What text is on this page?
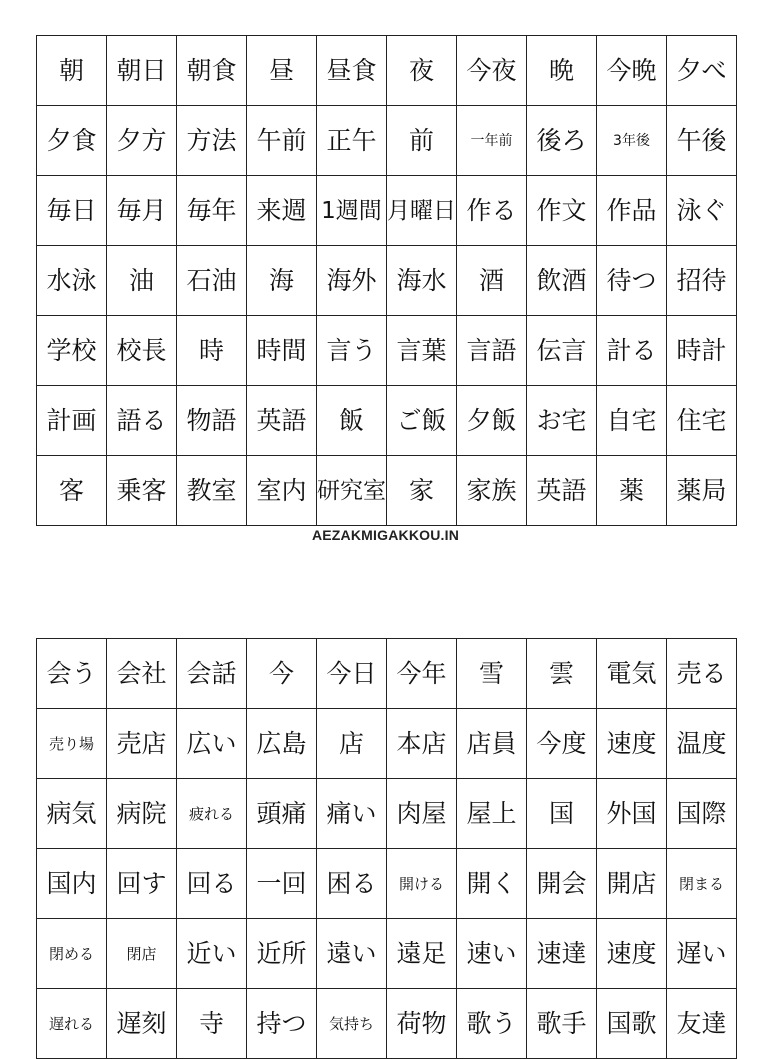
朝	朝日	朝食	昼	昼食	夜	今夜	晩	今晩	夕べ
夕食	夕方	方法	午前	正午	前	一年前	後ろ	3年後	午後
毎日	毎月	毎年	来週	1週間	月曜日	作る	作文	作品	泳ぐ
水泳	油	石油	海	海外	海水	酒	飲酒	待つ	招待
学校	校長	時	時間	言う	言葉	言語	伝言	計る	時計
計画	語る	物語	英語	飯	ご飯	夕飯	お宅	自宅	住宅
客	乗客	教室	室内	研究室	家	家族	英語	薬	薬局
AEZAKMIGAKKOU.IN
会う	会社	会話	今	今日	今年	雪	雲	電気	売る
売り場	売店	広い	広島	店	本店	店員	今度	速度	温度
病気	病院	疲れる	頭痛	痛い	肉屋	屋上	国	外国	国際
国内	回す	回る	一回	困る	開ける	開く	開会	開店	閉まる
閉める	閉店	近い	近所	遠い	遠足	速い	速達	速度	遅い
遅れる	遅刻	寺	持つ	気持ち	荷物	歌う	歌手	国歌	友達
